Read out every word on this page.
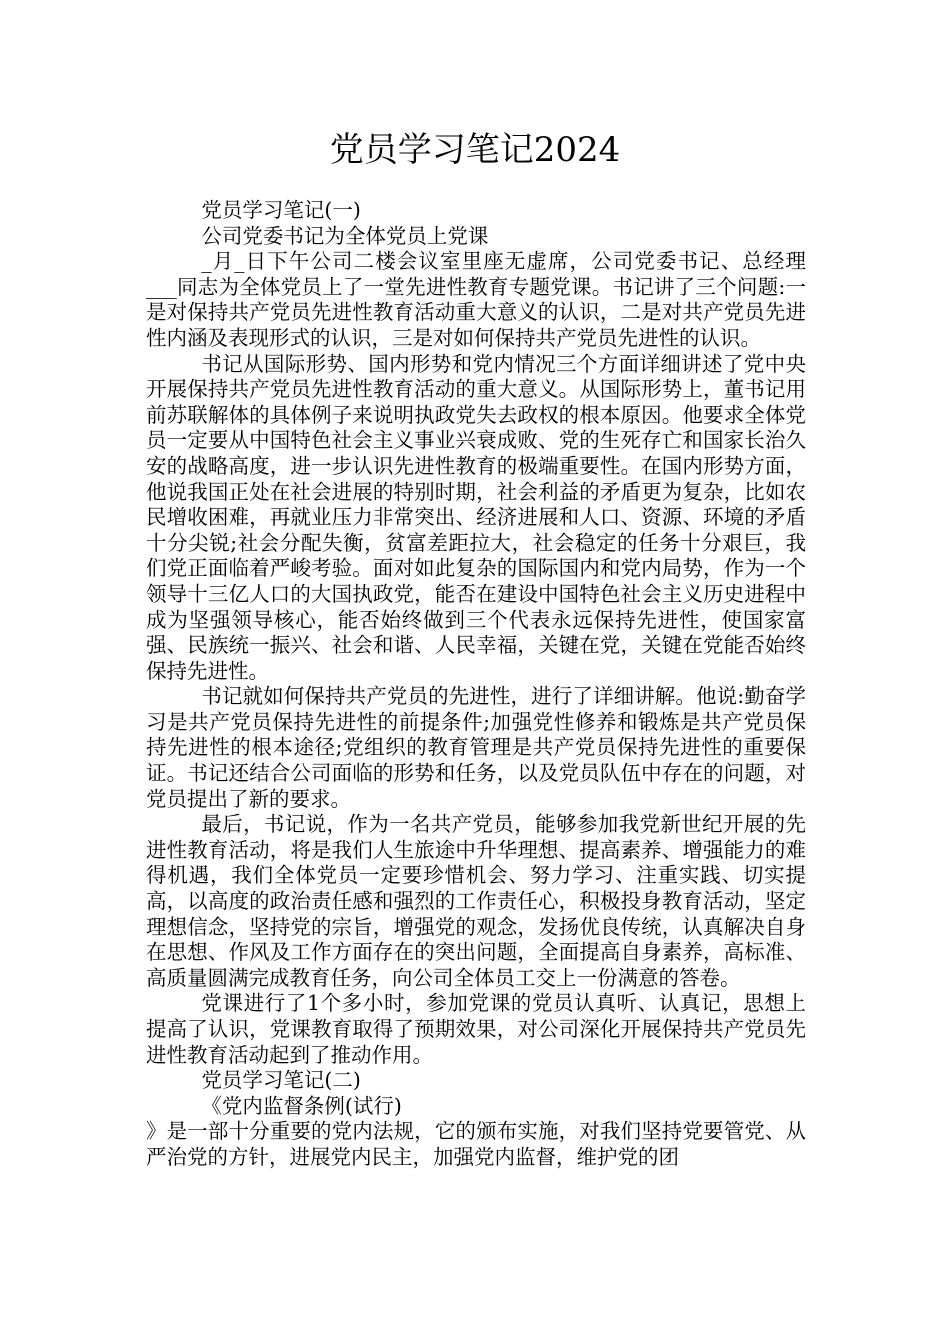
党员学习笔记2024

党员学习笔记(一)

公司党委书记为全体党员上党课

_月_日下午公司二楼会议室里座无虚席，公司党委书记、总经理___同志为全体党员上了一堂先进性教育专题党课。书记讲了三个问题:一是对保持共产党员先进性教育活动重大意义的认识，二是对共产党员先进性内涵及表现形式的认识，三是对如何保持共产党员先进性的认识。

书记从国际形势、国内形势和党内情况三个方面详细讲述了党中央开展保持共产党员先进性教育活动的重大意义。从国际形势上，董书记用前苏联解体的具体例子来说明执政党失去政权的根本原因。他要求全体党员一定要从中国特色社会主义事业兴衰成败、党的生死存亡和国家长治久安的战略高度，进一步认识先进性教育的极端重要性。在国内形势方面，他说我国正处在社会进展的特别时期，社会利益的矛盾更为复杂，比如农民增收困难，再就业压力非常突出、经济进展和人口、资源、环境的矛盾十分尖锐;社会分配失衡，贫富差距拉大，社会稳定的任务十分艰巨，我们党正面临着严峻考验。面对如此复杂的国际国内和党内局势，作为一个领导十三亿人口的大国执政党，能否在建设中国特色社会主义历史进程中成为坚强领导核心，能否始终做到三个代表永远保持先进性，使国家富强、民族统一振兴、社会和谐、人民幸福，关键在党，关键在党能否始终保持先进性。

书记就如何保持共产党员的先进性，进行了详细讲解。他说:勤奋学习是共产党员保持先进性的前提条件;加强党性修养和锻炼是共产党员保持先进性的根本途径;党组织的教育管理是共产党员保持先进性的重要保证。书记还结合公司面临的形势和任务，以及党员队伍中存在的问题，对党员提出了新的要求。

最后，书记说，作为一名共产党员，能够参加我党新世纪开展的先进性教育活动，将是我们人生旅途中升华理想、提高素养、增强能力的难得机遇，我们全体党员一定要珍惜机会、努力学习、注重实践、切实提高，以高度的政治责任感和强烈的工作责任心，积极投身教育活动，坚定理想信念，坚持党的宗旨，增强党的观念，发扬优良传统，认真解决自身在思想、作风及工作方面存在的突出问题，全面提高自身素养，高标准、高质量圆满完成教育任务，向公司全体员工交上一份满意的答卷。

党课进行了1个多小时，参加党课的党员认真听、认真记，思想上提高了认识，党课教育取得了预期效果，对公司深化开展保持共产党员先进性教育活动起到了推动作用。

党员学习笔记(二)

《党内监督条例(试行)

》是一部十分重要的党内法规，它的颁布实施，对我们坚持党要管党、从严治党的方针，进展党内民主，加强党内监督，维护党的团
